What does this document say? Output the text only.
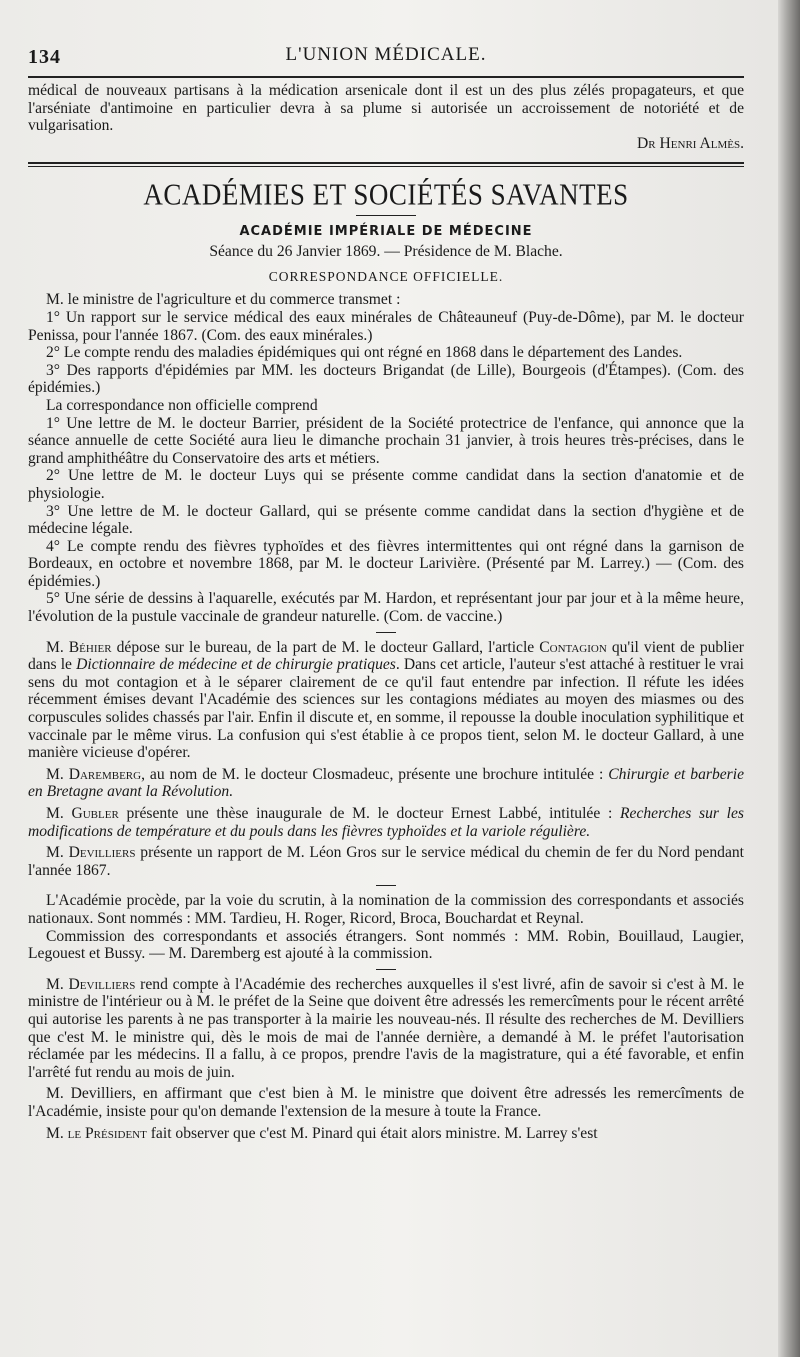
134	L'UNION MÉDICALE.

médical de nouveaux partisans à la médication arsenicale dont il est un des plus zélés propagateurs, et que l'arséniate d'antimoine en particulier devra à sa plume si autorisée un accroissement de notoriété et de vulgarisation.

Dr Henri Almès.

ACADÉMIES ET SOCIÉTÉS SAVANTES
ACADÉMIE IMPÉRIALE DE MÉDECINE
Séance du 26 Janvier 1869. — Présidence de M. Blache.
CORRESPONDANCE OFFICIELLE.

M. le ministre de l'agriculture et du commerce transmet :

1° Un rapport sur le service médical des eaux minérales de Châteauneuf (Puy-de-Dôme), par M. le docteur Penissa, pour l'année 1867. (Com. des eaux minérales.)

2° Le compte rendu des maladies épidémiques qui ont régné en 1868 dans le département des Landes.

3° Des rapports d'épidémies par MM. les docteurs Brigandat (de Lille), Bourgeois (d'Étampes). (Com. des épidémies.)

La correspondance non officielle comprend

1° Une lettre de M. le docteur Barrier, président de la Société protectrice de l'enfance, qui annonce que la séance annuelle de cette Société aura lieu le dimanche prochain 31 janvier, à trois heures très-précises, dans le grand amphithéâtre du Conservatoire des arts et métiers.

2° Une lettre de M. le docteur Luys qui se présente comme candidat dans la section d'anatomie et de physiologie.

3° Une lettre de M. le docteur Gallard, qui se présente comme candidat dans la section d'hygiène et de médecine légale.

4° Le compte rendu des fièvres typhoïdes et des fièvres intermittentes qui ont régné dans la garnison de Bordeaux, en octobre et novembre 1868, par M. le docteur Larivière. (Présenté par M. Larrey.) — (Com. des épidémies.)

5° Une série de dessins à l'aquarelle, exécutés par M. Hardon, et représentant jour par jour et à la même heure, l'évolution de la pustule vaccinale de grandeur naturelle. (Com. de vaccine.)

M. Béhier dépose sur le bureau, de la part de M. le docteur Gallard, l'article Contagion qu'il vient de publier dans le Dictionnaire de médecine et de chirurgie pratiques. Dans cet article, l'auteur s'est attaché à restituer le vrai sens du mot contagion et à le séparer clairement de ce qu'il faut entendre par infection. Il réfute les idées récemment émises devant l'Académie des sciences sur les contagions médiates au moyen des miasmes ou des corpuscules solides chassés par l'air. Enfin il discute et, en somme, il repousse la double inoculation syphilitique et vaccinale par le même virus. La confusion qui s'est établie à ce propos tient, selon M. le docteur Gallard, à une manière vicieuse d'opérer.

M. Daremberg, au nom de M. le docteur Closmadeuc, présente une brochure intitulée : Chirurgie et barberie en Bretagne avant la Révolution.

M. Gubler présente une thèse inaugurale de M. le docteur Ernest Labbé, intitulée : Recherches sur les modifications de température et du pouls dans les fièvres typhoïdes et la variole régulière.

M. Devilliers présente un rapport de M. Léon Gros sur le service médical du chemin de fer du Nord pendant l'année 1867.

L'Académie procède, par la voie du scrutin, à la nomination de la commission des correspondants et associés nationaux. Sont nommés : MM. Tardieu, H. Roger, Ricord, Broca, Bouchardat et Reynal.

Commission des correspondants et associés étrangers. Sont nommés : MM. Robin, Bouillaud, Laugier, Legouest et Bussy. — M. Daremberg est ajouté à la commission.

M. Devilliers rend compte à l'Académie des recherches auxquelles il s'est livré, afin de savoir si c'est à M. le ministre de l'intérieur ou à M. le préfet de la Seine que doivent être adressés les remercîments pour le récent arrêté qui autorise les parents à ne pas transporter à la mairie les nouveau-nés. Il résulte des recherches de M. Devilliers que c'est M. le ministre qui, dès le mois de mai de l'année dernière, a demandé à M. le préfet l'autorisation réclamée par les médecins. Il a fallu, à ce propos, prendre l'avis de la magistrature, qui a été favorable, et enfin l'arrêté fut rendu au mois de juin.

M. Devilliers, en affirmant que c'est bien à M. le ministre que doivent être adressés les remercîments de l'Académie, insiste pour qu'on demande l'extension de la mesure à toute la France.

M. le Président fait observer que c'est M. Pinard qui était alors ministre. M. Larrey s'est
